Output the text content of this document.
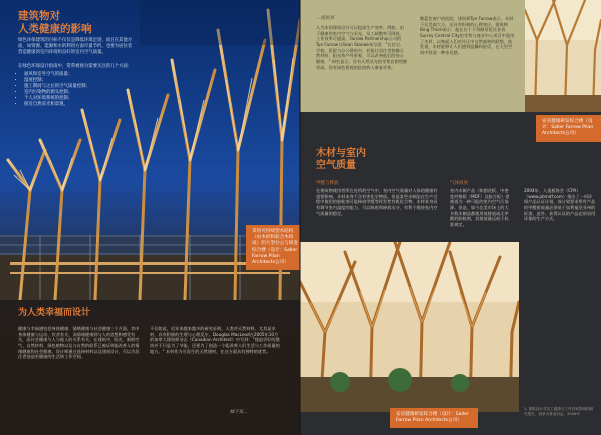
建筑物对
人类健康的影响

绿色环保建筑的目标不仅仅是降低环境足迹，而且在其他方面，如资源、能源和水的利用方面尽量节约，也要为居住者营造健康的室内环境和良好的室内空气质量。

在绿色环保设计指南中，常常被视为需要关注的几个方面：

• 通风和室外空气的质量；
• 湿度控制；
• 施工期间与之后的空气质量控制；
• 室内污染物的源头控制；
• 个人对环境系统的控制；
• 接近自然采光和景观。
采用可持续型木结构（由木材和胶合木构成）的大型办公与研发综合楼（设计：Saller Farrow Pilan Architects公司）
为人类幸福而设计

健康与幸福感包括身体健康、情绪健康与社会健康三个方面。其中身体健康与运动、饮食有关，而情绪健康则与人的思想和感受有关，而社会健康与人与他人的关系有关。在建筑中，阳光、新鲜空气、自然材料、绿色植物以及与自然的联系已被证明能改善人的情绪健康和社会健康。设计师通过选择材料以及建筑设计，可以为居住者创造更健康的生活和工作空间。

不仅如此，近年来越来越多的研究证明，人类对天然材料、尤其是木材，具有积极的生理与心理反应。Douglas MacLeod在2005年10月的加拿大建筑师杂志《Canadian Architect》中写到："建造更好的建筑并不只是为了节能，还要为了创造一个能改善人们生活与工作质量的地方。" 木材作为可再生的天然建材，在这方面具有独特的优势。

续下页…
…接前页

人为本的建筑设计可以提高生产效率。例如，由于健康的室内空气与采光，员工缺勤率可降低，工作效率可提高。Farrow Partnership公司的Tye Farrow与Sean Stanwick写道："在住宅、学校、医院与办公建筑中，若能让居住者接触天然材料、阳光和户外景观，可以改善他们的身心健康。" 研究显示，设有天然采光的零售店销售额更高，设有绿色景观的医院病人康复更快。

敷蓝色窗户的医院，建筑师Tye Farrow表示，木材不仅美观大方，还具有积极的心理效应。建筑师Bing Thom表示：他在位于不列颠哥伦比亚省Surrey Central City的零售与商业中心项目中选用了木材，以唤起人们对社区中自然森林的联想。他发现，木材能够让人们感到温馨和舒适，在大型空间中营造一种亲近感。

安省健康研发综合楼（设计：Saller Farrow Pilan Architects公司）
木材与室内
空气质量
甲醛与释放	气体排放

在建筑物使用者所在处所的空气中，室内空气质量对人体的健康有重要影响。木材本身不含有害化学物质，但是某些木制品在生产过程中使用的胶粘剂可能释放甲醛等挥发性有机化合物。木材本身具有调节室内湿度的能力，可以吸收和释放水分，有利于维持室内空气质量的稳定。

室内木制产品（如刨花板、中密度纤维板（MDF）及胶合板）常被视为一种可能的室内空气污染源。但是，如今北美市场上的大多数木制品都使用低排放或无甲醛的胶粘剂，其排放量远低于标准规定。

2004年，人造板协会（CPA）（www.pbmdf.com）推出了一项环保产品认证计划，该计划要求所有产品的甲醛排放量必须低于加利福尼亚州的标准。此外，获得认证的产品必须采用环保的生产方式。

安省健康研发综合楼（设计：Saller Farrow Pilan Architects公司）

1. 建筑设计对员工健康与工作效率影响的研究报告，加拿大林业协会，2004年
